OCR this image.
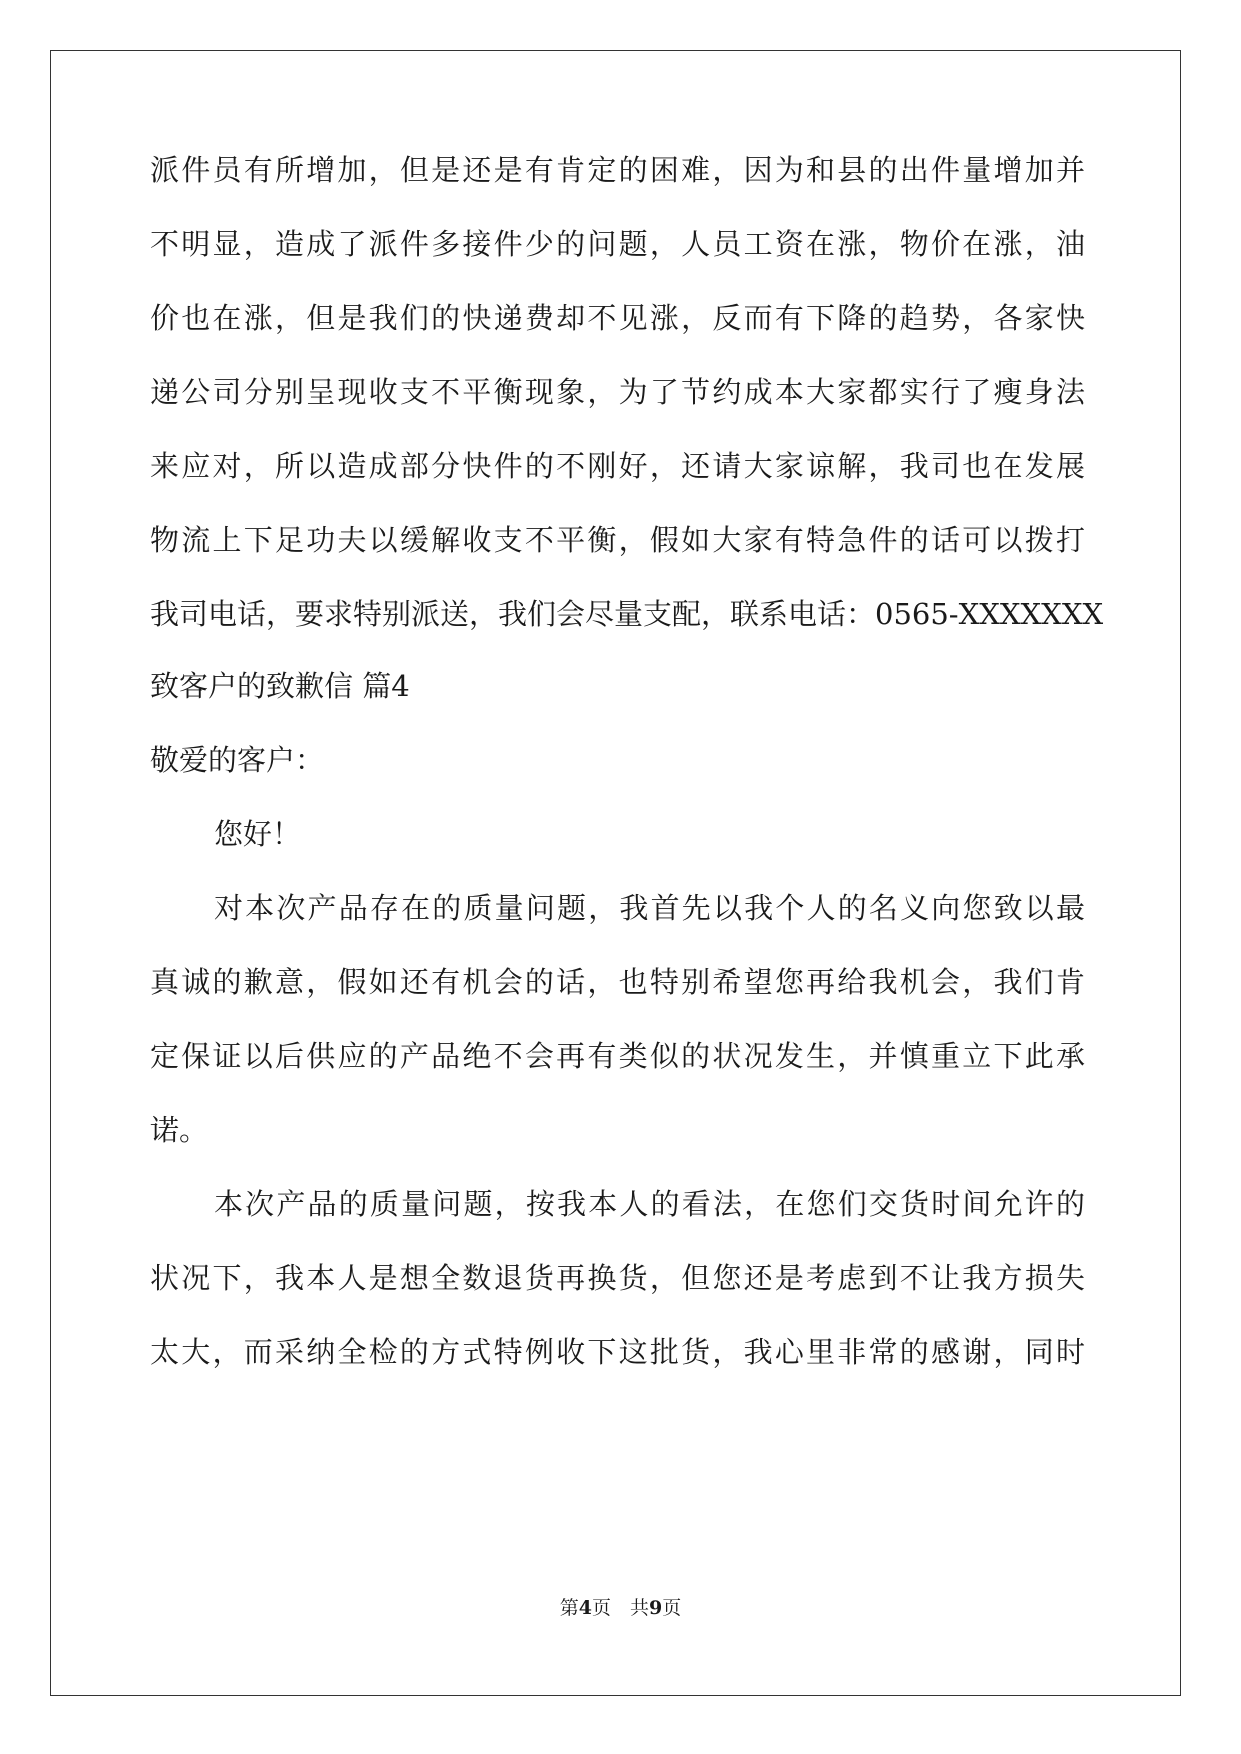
派件员有所增加，但是还是有肯定的困难，因为和县的出件量增加并
不明显，造成了派件多接件少的问题，人员工资在涨，物价在涨，油
价也在涨，但是我们的快递费却不见涨，反而有下降的趋势，各家快
递公司分别呈现收支不平衡现象，为了节约成本大家都实行了瘦身法
来应对，所以造成部分快件的不刚好，还请大家谅解，我司也在发展
物流上下足功夫以缓解收支不平衡，假如大家有特急件的话可以拨打
我司电话，要求特别派送，我们会尽量支配，联系电话：0565-XXXXXXX
致客户的致歉信 篇4
敬爱的客户：
您好！
对本次产品存在的质量问题，我首先以我个人的名义向您致以最
真诚的歉意，假如还有机会的话，也特别希望您再给我机会，我们肯
定保证以后供应的产品绝不会再有类似的状况发生，并慎重立下此承
诺。
本次产品的质量问题，按我本人的看法，在您们交货时间允许的
状况下，我本人是想全数退货再换货，但您还是考虑到不让我方损失
太大，而采纳全检的方式特例收下这批货，我心里非常的感谢，同时
第4页　共9页
